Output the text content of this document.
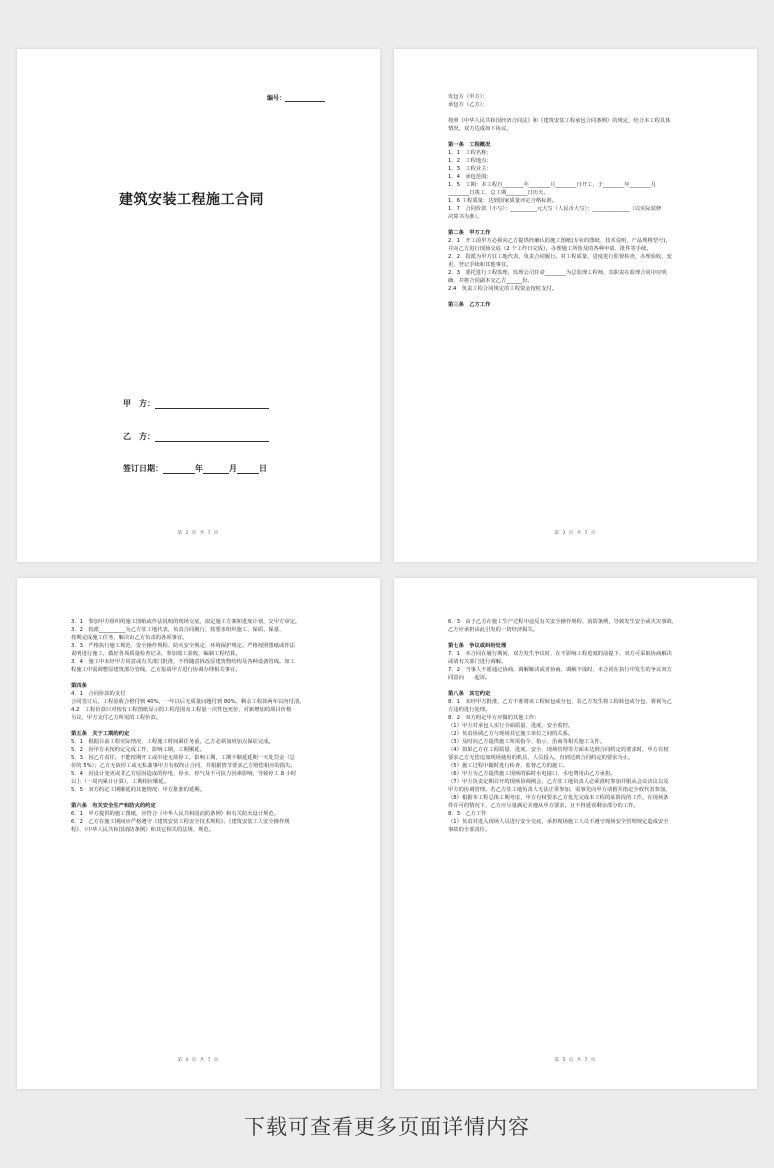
编号：
建筑安装工程施工合同
甲　方：
乙　方：
签订日期：	年	月	日
第 2 页 共 7 页

发包方（甲方）：

承包方（乙方）：

按照《中华人民共和国经济合同法》和《建筑安装工程承包合同条例》的规定，结合本工程具体

情况，双方达成如下协议。

第一条　工程概况

1．1　工程名称：

1．2　工程地点：

1．3　工程业主：

1．4　承包范围：

1．5　工期：本工程自________年________月________日开工，于________年________月

________日竣工，总工期________日历天。

1．6 工程质量：达到国家质量评定合格标准。

1．7　合同价款（小写）：__________元大写（人民币大写）：______________（以实际装修

决算书为准）。

第二条　甲方工作

2．1　开工前甲方必须向乙方提供经确认的施工图纸(专业的图纸、技术说明、产品规格型号)，

并向乙方进行现场交底（2 个工作日完成），办理施工所涉及的各种申请、批件等手续。

2．2　指派为甲方驻工地代表，负责合同履行。对工程质量、进度进行监督检查，办理验收、变

更、登记手续和其他事宜。

2．3　委托进行工程监理，监理公司任命________为总监理工程师，其职责在监理合同中应明

确，并将合同副本交乙方______份。

2.4　负责工程合同规定的工程资金按时支付。

第三条　乙方工作

第 3 页 共 7 页

3．1　参加甲方组织的施工图纸或作法说明的现场交底，拟定施工方案和进度计划，交甲方审定。

3．2　指派__________为乙方驻工地代表，负责合同履行，按要求组织施工，保质、保量、

按期完成施工任务，解决由乙方负责的各项事宜。

3．3　严格执行施工规范、安全操作规程、防火安全规定、环境保护规定。严格按照图纸或作法

说明进行施工，做好各项质量检查记录，参加竣工验收，编制工程结算。

3．4　施工中未经甲方同意或有关部门批准，不得随意拆改原建筑物结构及各种设备管线。如工

程施工中需调整原建筑部分管线，乙方报请甲方进行协调办理相关事宜。

第四条

4．1　合同价款的支付

合同签订后，工程验收合格付到 40%，一年以后无质量问题付到 80%，剩余工程款两年以内付清。

4.2　工程价款只对按有工程图纸显示的工程范围及工程量一次性包死价，对新增加的项目价格

另议，甲方支付乙方所需的工程价款。

第五条　关于工期的约定

5．1　根据目前工程实际情况，工程施工时间紧任务重，乙方必须加班加点保证完成。

5．2　因甲方未按约定完成工作，影响工期，工期顺延。

5．3　因乙方责任，不能按期开工或中途无故停工，影响工期，工期不顺延延期一天处罚金（总

价的 5%）；乙方无故停工或无私滥事甲方有权终止合同，并根据情节要求乙方赔偿相应的损失。

5．4　因设计变更或非乙方原因造成的停电、停水、停气及不可抗力因素影响，导致停工 8 小时

以上（一周内累计计算），工期相应顺延。

5．5　双方约定工期顺延的其他情况：甲方批准的延期。

第六条　有关安全生产和防火的约定

6．1　甲方提供的施工图纸，应符合《中华人民共和国消防条例》和有关防火设计规范。

6．2　乙方在施工期间应严格遵守《建筑安装工程安全技术规程》、《建筑安装工人安全操作规

程》、《中华人民共和国消防条例》和其它相关的法规、规范。

第 4 页 共 7 页

6．3　由于乙方在施工生产过程中违反有关安全操作规程、消防条例，导致发生安全或火灾事故，

乙方应承担由此引发的一切经济损失。

第七条　争议或纠纷处理

7．1　本合同在履行期间，双方发生争议时，在不影响工程进度的前提下，双方可采取协商解决

或请有关部门进行调解。

7．2　当事人不愿通过协商，调解解决或者协商，调解不成时，本合同在执行中发生的争议双方

同意向　　起诉。

第八条　其它约定

8．1　未经甲方批准，乙方不准将该工程转包或分包，若乙方发生将工程转包或分包，将视为乙

方违约进行处理。

8．2　双方约定甲方应做的其他工作：

（1）甲方对承包人实行全面质量、进度、安全监控。

（2）负责协调乙方与现场其它施工单位之间的关系。

（3）及时向乙方提供施工所需指令、指示、治商等相关施工文件。

（4）如果乙方在工程质量、进度、安全、现场管理等方面未达到合同约定的要求时，甲方有权

要求乙方无偿追加现场使用的机具、人员投入，直到达到合同约定的要求为止。

（5）施工过程中随时进行检查，监督乙方的施工。

（6）甲方为乙方提供施工现场的临时水电接口，水电费用由乙方承担。

（7）甲方负责定期召开的现场协调例会，乙方驻工地负责人必须准时参加并服从会议决议以及

甲方的协调管理。若乙方驻工地负责人无法正常参加，需事先向甲方请假并指定全权代表参加。

（8）根据本工程总体工期考虑，甲方有权要求乙方优先完成本工程的某阶段的工作。在现场条

件许可的情况下，乙方应尽量满足并遵从甲方要求，且不得延误剩余部分的工作。

8．3　乙方工作

（1）负责对进入现场人员进行安全交底，承担现场施工人员不遵守现场安全管理规定造成安全

事故的全部责任。

第 5 页 共 7 页
下载可查看更多页面详情内容
